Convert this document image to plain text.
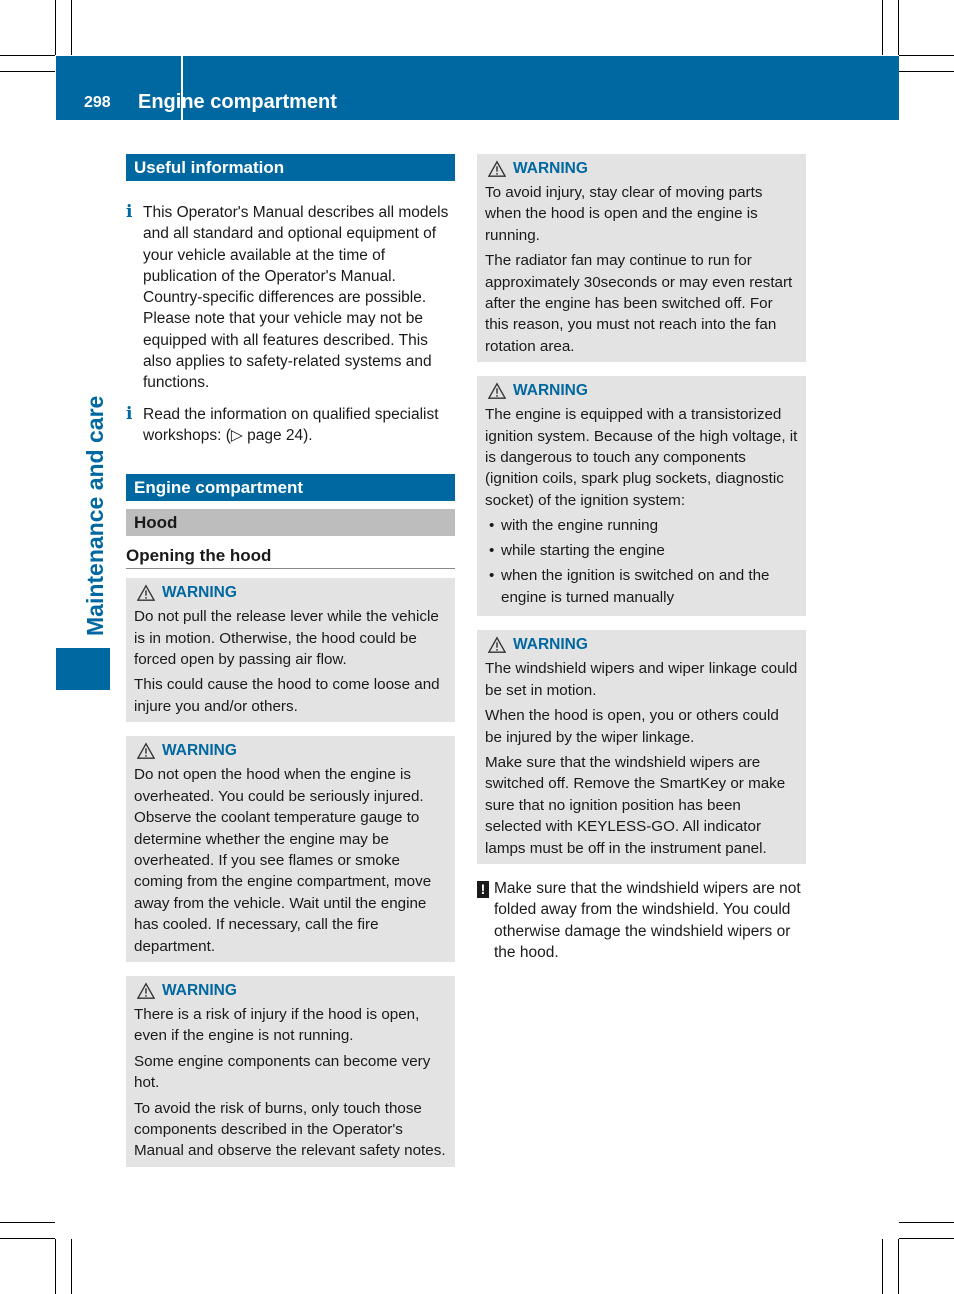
298 Engine compartment
Maintenance and care
Useful information
i This Operator's Manual describes all models and all standard and optional equipment of your vehicle available at the time of publication of the Operator's Manual. Country-specific differences are possible. Please note that your vehicle may not be equipped with all features described. This also applies to safety-related systems and functions.
i Read the information on qualified specialist workshops: (▷ page 24).
Engine compartment
Hood
Opening the hood
WARNING

Do not pull the release lever while the vehicle is in motion. Otherwise, the hood could be forced open by passing air flow.

This could cause the hood to come loose and injure you and/or others.

WARNING

Do not open the hood when the engine is overheated. You could be seriously injured. Observe the coolant temperature gauge to determine whether the engine may be overheated. If you see flames or smoke coming from the engine compartment, move away from the vehicle. Wait until the engine has cooled. If necessary, call the fire department.

WARNING

There is a risk of injury if the hood is open, even if the engine is not running.

Some engine components can become very hot.

To avoid the risk of burns, only touch those components described in the Operator's Manual and observe the relevant safety notes.

WARNING

To avoid injury, stay clear of moving parts when the hood is open and the engine is running.

The radiator fan may continue to run for approximately 30seconds or may even restart after the engine has been switched off. For this reason, you must not reach into the fan rotation area.

WARNING

The engine is equipped with a transistorized ignition system. Because of the high voltage, it is dangerous to touch any components (ignition coils, spark plug sockets, diagnostic socket) of the ignition system:

• with the engine running
• while starting the engine
• when the ignition is switched on and the engine is turned manually
WARNING

The windshield wipers and wiper linkage could be set in motion.

When the hood is open, you or others could be injured by the wiper linkage.

Make sure that the windshield wipers are switched off. Remove the SmartKey or make sure that no ignition position has been selected with KEYLESS-GO. All indicator lamps must be off in the instrument panel.

! Make sure that the windshield wipers are not folded away from the windshield. You could otherwise damage the windshield wipers or the hood.
